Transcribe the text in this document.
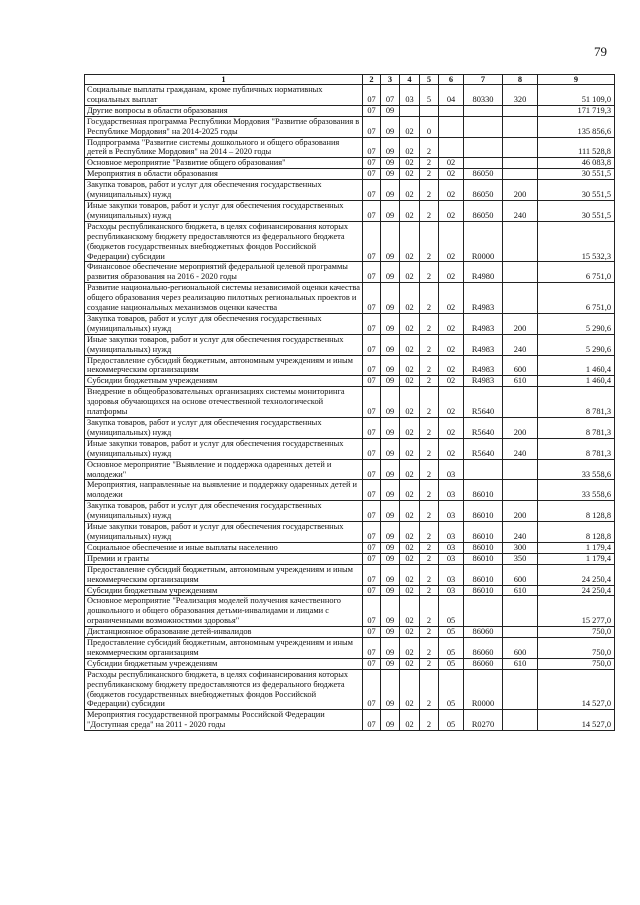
79
1	2	3	4	5	6	7	8	9
Социальные выплаты гражданам, кроме публичных нормативных социальных выплат	07	07	03	5	04	80330	320	51 109,0
Другие вопросы в области образования	07	09						171 719,3
Государственная программа Республики Мордовия "Развитие образования в Республике Мордовия" на 2014-2025 годы	07	09	02	0				135 856,6
Подпрограмма "Развитие системы дошкольного и общего образования детей в Республике Мордовия" на 2014 – 2020 годы	07	09	02	2				111 528,8
Основное мероприятие "Развитие общего образования"	07	09	02	2	02			46 083,8
Мероприятия в области образования	07	09	02	2	02	86050		30 551,5
Закупка товаров, работ и услуг для обеспечения государственных (муниципальных) нужд	07	09	02	2	02	86050	200	30 551,5
Иные закупки товаров, работ и услуг для обеспечения государственных (муниципальных) нужд	07	09	02	2	02	86050	240	30 551,5
Расходы республиканского бюджета, в целях софинансирования которых республиканскому бюджету предоставляются из федерального бюджета (бюджетов государственных внебюджетных фондов Российской Федерации) субсидии	07	09	02	2	02	R0000		15 532,3
Финансовое обеспечение мероприятий федеральной целевой программы развития образования на 2016 - 2020 годы	07	09	02	2	02	R4980		6 751,0
Развитие национально-региональной системы независимой оценки качества общего образования через реализацию пилотных региональных проектов и создание национальных механизмов оценки качества	07	09	02	2	02	R4983		6 751,0
Закупка товаров, работ и услуг для обеспечения государственных (муниципальных) нужд	07	09	02	2	02	R4983	200	5 290,6
Иные закупки товаров, работ и услуг для обеспечения государственных (муниципальных) нужд	07	09	02	2	02	R4983	240	5 290,6
Предоставление субсидий бюджетным, автономным учреждениям и иным некоммерческим организациям	07	09	02	2	02	R4983	600	1 460,4
Субсидии бюджетным учреждениям	07	09	02	2	02	R4983	610	1 460,4
Внедрение в общеобразовательных организациях системы мониторинга здоровья обучающихся на основе отечественной технологической платформы	07	09	02	2	02	R5640		8 781,3
Закупка товаров, работ и услуг для обеспечения государственных (муниципальных) нужд	07	09	02	2	02	R5640	200	8 781,3
Иные закупки товаров, работ и услуг для обеспечения государственных (муниципальных) нужд	07	09	02	2	02	R5640	240	8 781,3
Основное мероприятие "Выявление и поддержка одаренных детей и молодежи"	07	09	02	2	03			33 558,6
Мероприятия, направленные на выявление и поддержку одаренных детей и молодежи	07	09	02	2	03	86010		33 558,6
Закупка товаров, работ и услуг для обеспечения государственных (муниципальных) нужд	07	09	02	2	03	86010	200	8 128,8
Иные закупки товаров, работ и услуг для обеспечения государственных (муниципальных) нужд	07	09	02	2	03	86010	240	8 128,8
Социальное обеспечение и иные выплаты населению	07	09	02	2	03	86010	300	1 179,4
Премии и гранты	07	09	02	2	03	86010	350	1 179,4
Предоставление субсидий бюджетным, автономным учреждениям и иным некоммерческим организациям	07	09	02	2	03	86010	600	24 250,4
Субсидии бюджетным учреждениям	07	09	02	2	03	86010	610	24 250,4
Основное мероприятие "Реализация моделей получения качественного дошкольного и общего образования детьми-инвалидами и лицами с ограниченными возможностями здоровья"	07	09	02	2	05			15 277,0
Дистанционное образование детей-инвалидов	07	09	02	2	05	86060		750,0
Предоставление субсидий бюджетным, автономным учреждениям и иным некоммерческим организациям	07	09	02	2	05	86060	600	750,0
Субсидии бюджетным учреждениям	07	09	02	2	05	86060	610	750,0
Расходы республиканского бюджета, в целях софинансирования которых республиканскому бюджету предоставляются из федерального бюджета (бюджетов государственных внебюджетных фондов Российской Федерации) субсидии	07	09	02	2	05	R0000		14 527,0
Мероприятия государственной программы Российской Федерации "Доступная среда" на 2011 - 2020 годы	07	09	02	2	05	R0270		14 527,0
